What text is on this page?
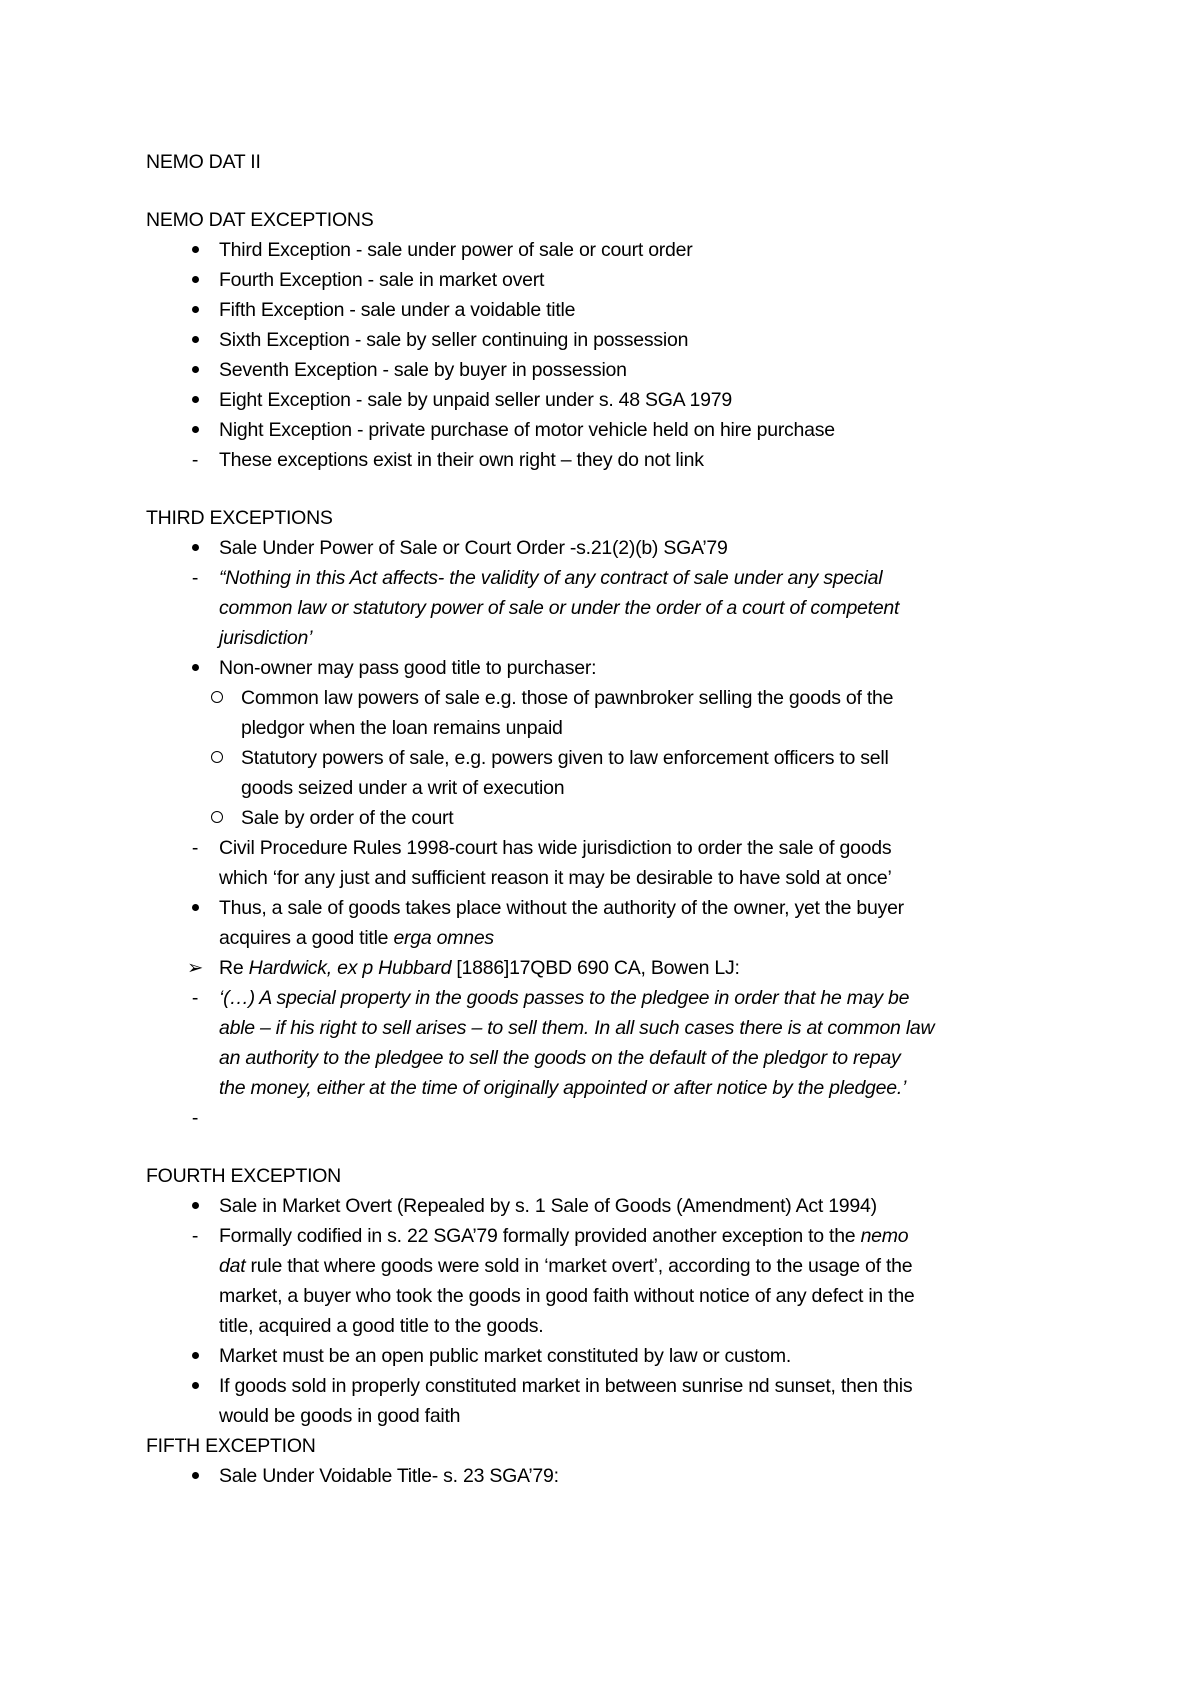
NEMO DAT II
NEMO DAT EXCEPTIONS
Third Exception - sale under power of sale or court order
Fourth Exception - sale in market overt
Fifth Exception - sale under a voidable title
Sixth Exception - sale by seller continuing in possession
Seventh Exception - sale by buyer in possession
Eight Exception - sale by unpaid seller under s. 48 SGA 1979
Night Exception - private purchase of motor vehicle held on hire purchase
-	These exceptions exist in their own right – they do not link
THIRD EXCEPTIONS
Sale Under Power of Sale or Court Order -s.21(2)(b) SGA’79
-	“Nothing in this Act affects- the validity of any contract of sale under any special
common law or statutory power of sale or under the order of a court of competent
jurisdiction’
Non-owner may pass good title to purchaser:
Common law powers of sale e.g. those of pawnbroker selling the goods of the
pledgor when the loan remains unpaid
Statutory powers of sale, e.g. powers given to law enforcement officers to sell
goods seized under a writ of execution
Sale by order of the court
-	Civil Procedure Rules 1998-court has wide jurisdiction to order the sale of goods
which ‘for any just and sufficient reason it may be desirable to have sold at once’
Thus, a sale of goods takes place without the authority of the owner, yet the buyer
acquires a good title erga omnes
➢ Re Hardwick, ex p Hubbard [1886]17QBD 690 CA, Bowen LJ:
-	‘(…) A special property in the goods passes to the pledgee in order that he may be
able – if his right to sell arises – to sell them. In all such cases there is at common law
an authority to the pledgee to sell the goods on the default of the pledgor to repay
the money, either at the time of originally appointed or after notice by the pledgee.’
-
FOURTH EXCEPTION
Sale in Market Overt (Repealed by s. 1 Sale of Goods (Amendment) Act 1994)
-	Formally codified in s. 22 SGA’79 formally provided another exception to the nemo
dat rule that where goods were sold in ‘market overt’, according to the usage of the
market, a buyer who took the goods in good faith without notice of any defect in the
title, acquired a good title to the goods.
Market must be an open public market constituted by law or custom.
If goods sold in properly constituted market in between sunrise nd sunset, then this
would be goods in good faith
FIFTH EXCEPTION
Sale Under Voidable Title- s. 23 SGA’79:
